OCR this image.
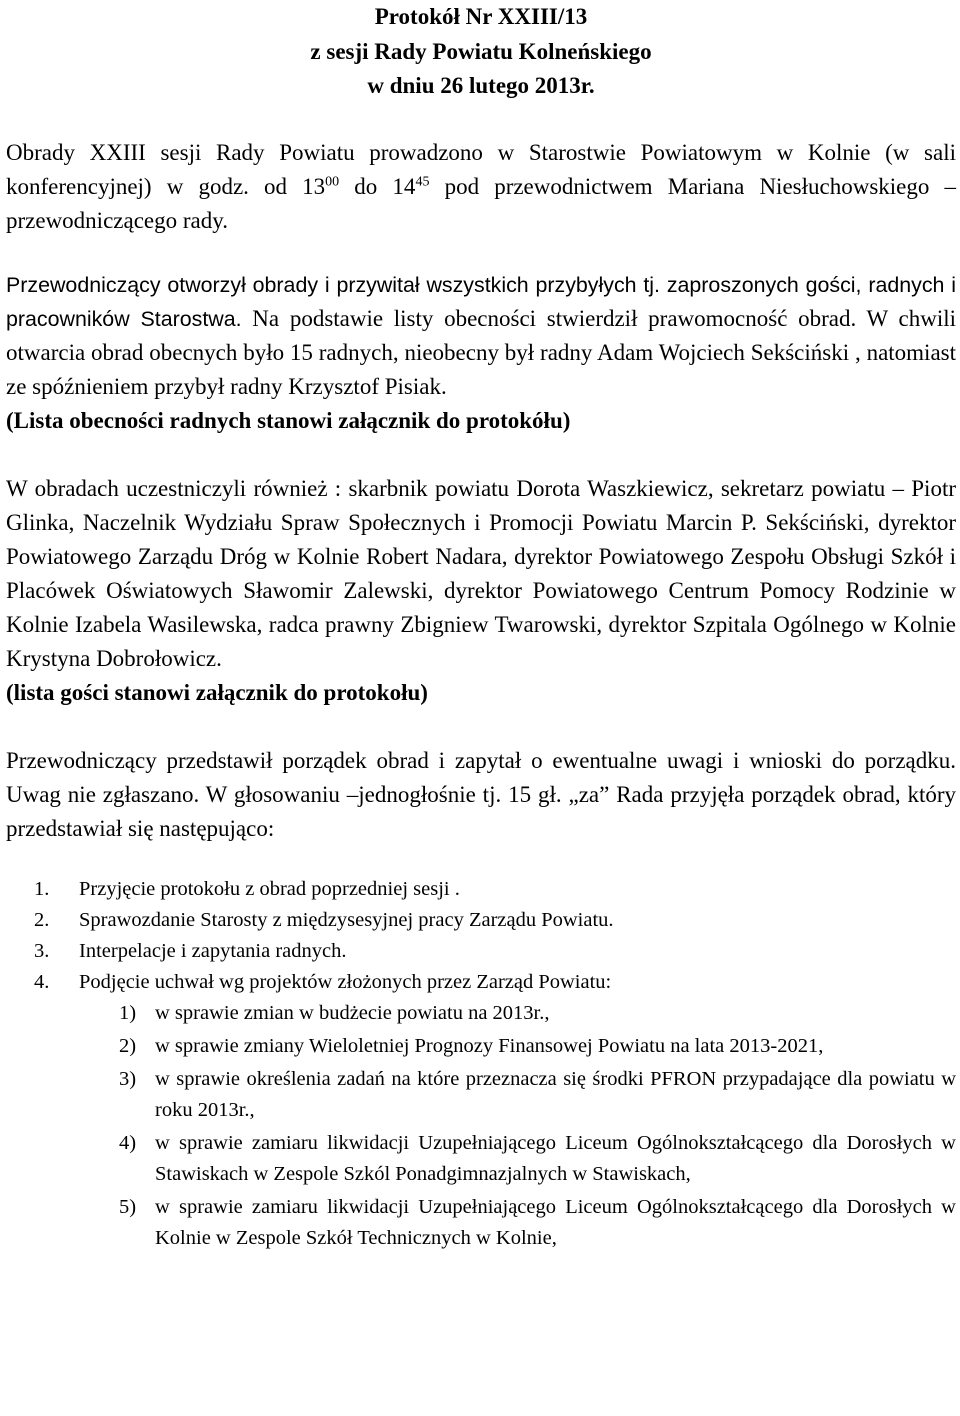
Protokół Nr XXIII/13
z sesji Rady Powiatu Kolneńskiego
w dniu 26 lutego 2013r.

Obrady XXIII sesji Rady Powiatu prowadzono w Starostwie Powiatowym w Kolnie (w sali konferencyjnej) w godz. od $13^{00}$ do $14^{45}$ pod przewodnictwem Mariana Niesłuchowskiego – przewodniczącego rady.

Przewodniczący otworzył obrady i przywitał wszystkich przybyłych tj. zaproszonych gości, radnych i pracowników Starostwa. Na podstawie listy obecności stwierdził prawomocność obrad. W chwili otwarcia obrad obecnych było 15 radnych, nieobecny był radny Adam Wojciech Sekściński , natomiast ze spóźnieniem przybył radny Krzysztof Pisiak.

(Lista obecności radnych stanowi załącznik do protokółu)

W obradach uczestniczyli również : skarbnik powiatu Dorota Waszkiewicz, sekretarz powiatu – Piotr Glinka, Naczelnik Wydziału Spraw Społecznych i Promocji Powiatu Marcin P. Sekściński, dyrektor Powiatowego Zarządu Dróg w Kolnie Robert Nadara, dyrektor Powiatowego Zespołu Obsługi Szkół i Placówek Oświatowych Sławomir Zalewski, dyrektor Powiatowego Centrum Pomocy Rodzinie w Kolnie Izabela Wasilewska, radca prawny Zbigniew Twarowski, dyrektor Szpitala Ogólnego w Kolnie Krystyna Dobrołowicz.

(lista gości stanowi załącznik do protokołu)

Przewodniczący przedstawił porządek obrad i zapytał o ewentualne uwagi i wnioski do porządku. Uwag nie zgłaszano. W głosowaniu –jednogłośnie tj. 15 gł. „za” Rada przyjęła porządek obrad, który przedstawiał się następująco:

1. Przyjęcie protokołu z obrad poprzedniej sesji .
2. Sprawozdanie Starosty z międzysesyjnej pracy Zarządu Powiatu.
3. Interpelacje i zapytania radnych.
4. Podjęcie uchwał wg projektów złożonych przez Zarząd Powiatu:
1) w sprawie zmian w budżecie powiatu na 2013r.,
2) w sprawie zmiany Wieloletniej Prognozy Finansowej Powiatu na lata 2013-2021,
3) w sprawie określenia zadań na które przeznacza się środki PFRON przypadające dla powiatu w roku 2013r.,
4) w sprawie zamiaru likwidacji Uzupełniającego Liceum Ogólnokształcącego dla Dorosłych w Stawiskach w Zespole Szkól Ponadgimnazjalnych w Stawiskach,
5) w sprawie zamiaru likwidacji Uzupełniającego Liceum Ogólnokształcącego dla Dorosłych w Kolnie w Zespole Szkół Technicznych w Kolnie,
